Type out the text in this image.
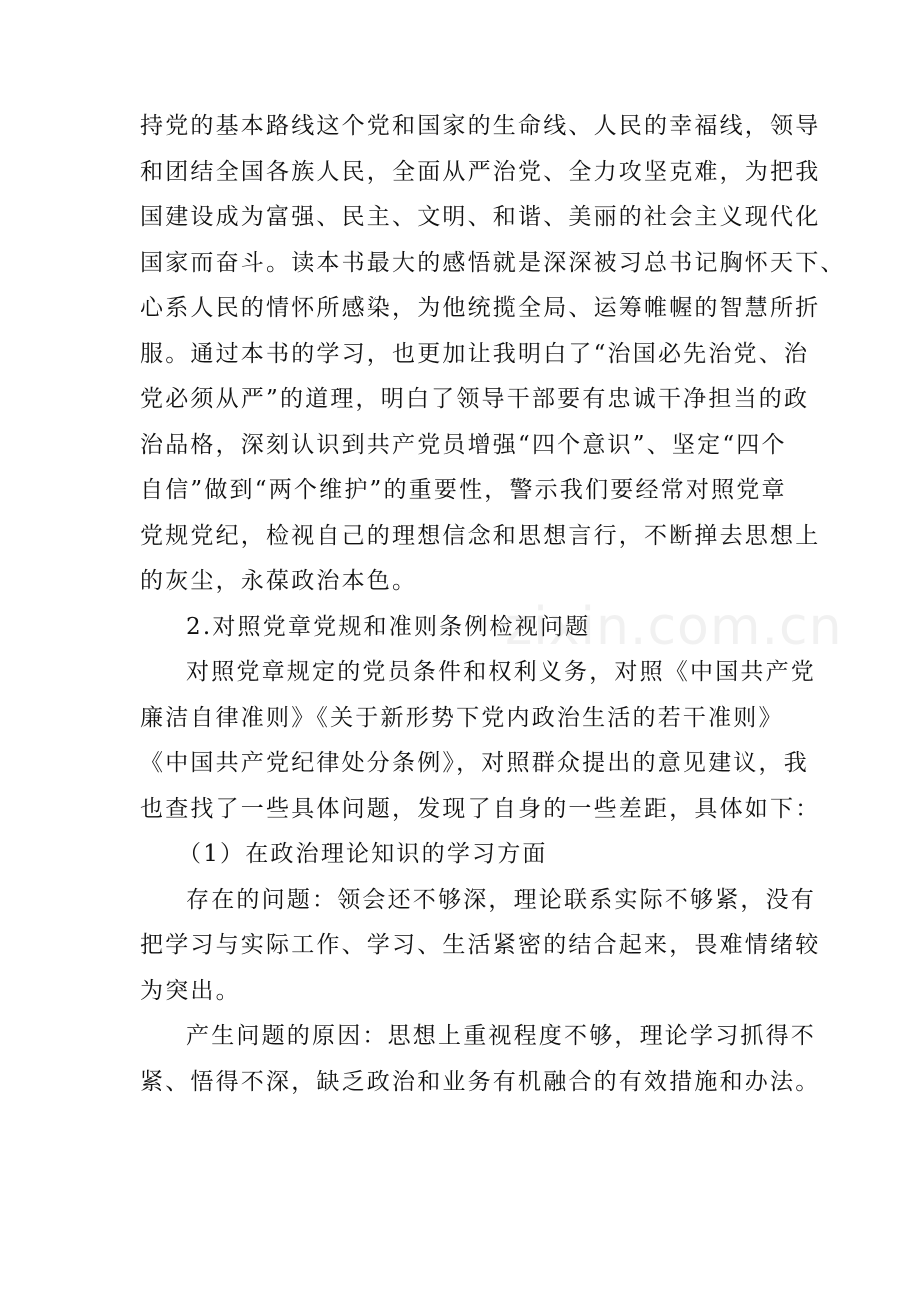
持党的基本路线这个党和国家的生命线、人民的幸福线，领导
和团结全国各族人民，全面从严治党、全力攻坚克难，为把我
国建设成为富强、民主、文明、和谐、美丽的社会主义现代化
国家而奋斗。读本书最大的感悟就是深深被习总书记胸怀天下、
心系人民的情怀所感染，为他统揽全局、运筹帷幄的智慧所折
服。通过本书的学习，也更加让我明白了“治国必先治党、治
党必须从严”的道理，明白了领导干部要有忠诚干净担当的政
治品格，深刻认识到共产党员增强“四个意识”、坚定“四个
自信”做到“两个维护”的重要性，警示我们要经常对照党章
党规党纪，检视自己的理想信念和思想言行，不断掸去思想上
的灰尘，永葆政治本色。
2.对照党章党规和准则条例检视问题
对照党章规定的党员条件和权利义务，对照《中国共产党
廉洁自律准则》《关于新形势下党内政治生活的若干准则》
《中国共产党纪律处分条例》，对照群众提出的意见建议，我
也查找了一些具体问题，发现了自身的一些差距，具体如下：
（1）在政治理论知识的学习方面
存在的问题：领会还不够深，理论联系实际不够紧，没有
把学习与实际工作、学习、生活紧密的结合起来，畏难情绪较
为突出。
产生问题的原因：思想上重视程度不够，理论学习抓得不
紧、悟得不深，缺乏政治和业务有机融合的有效措施和办法。
zixin.com.cn
